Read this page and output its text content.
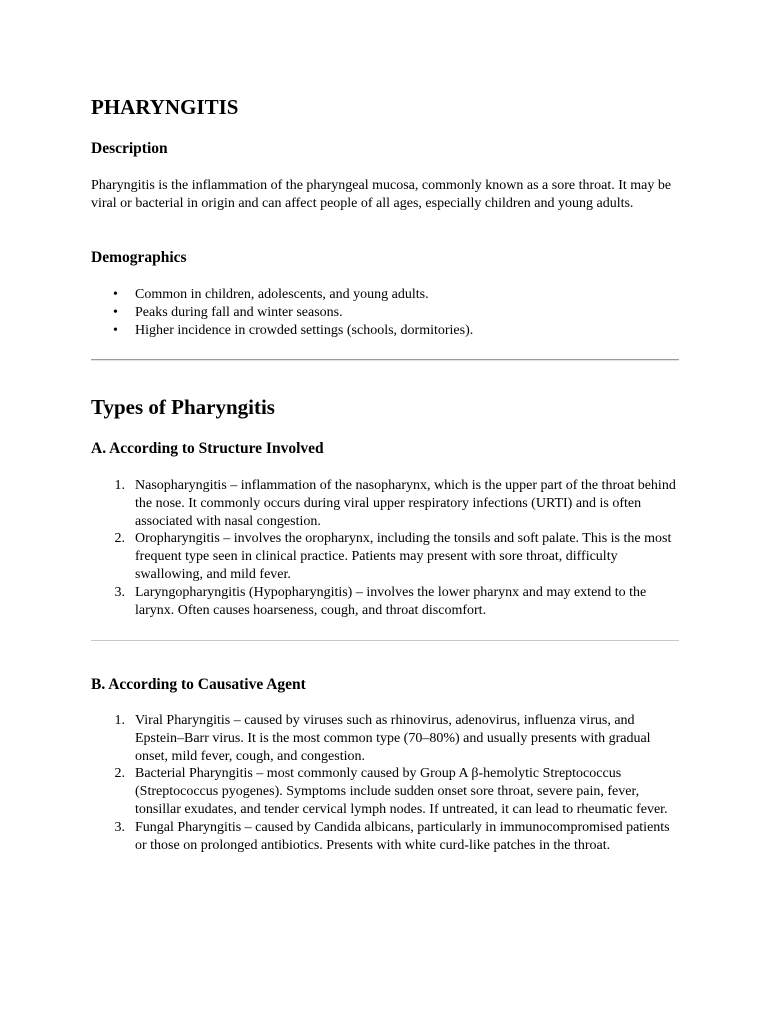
PHARYNGITIS
Description

Pharyngitis is the inflammation of the pharyngeal mucosa, commonly known as a sore throat. It may be viral or bacterial in origin and can affect people of all ages, especially children and young adults.

Demographics
• Common in children, adolescents, and young adults.
• Peaks during fall and winter seasons.
• Higher incidence in crowded settings (schools, dormitories).
Types of Pharyngitis
A. According to Structure Involved
1. Nasopharyngitis – inflammation of the nasopharynx, which is the upper part of the throat behind the nose. It commonly occurs during viral upper respiratory infections (URTI) and is often associated with nasal congestion.
2. Oropharyngitis – involves the oropharynx, including the tonsils and soft palate. This is the most frequent type seen in clinical practice. Patients may present with sore throat, difficulty swallowing, and mild fever.
3. Laryngopharyngitis (Hypopharyngitis) – involves the lower pharynx and may extend to the larynx. Often causes hoarseness, cough, and throat discomfort.
B. According to Causative Agent
1. Viral Pharyngitis – caused by viruses such as rhinovirus, adenovirus, influenza virus, and Epstein–Barr virus. It is the most common type (70–80%) and usually presents with gradual onset, mild fever, cough, and congestion.
2. Bacterial Pharyngitis – most commonly caused by Group A β-hemolytic Streptococcus (Streptococcus pyogenes). Symptoms include sudden onset sore throat, severe pain, fever, tonsillar exudates, and tender cervical lymph nodes. If untreated, it can lead to rheumatic fever.
3. Fungal Pharyngitis – caused by Candida albicans, particularly in immunocompromised patients or those on prolonged antibiotics. Presents with white curd-like patches in the throat.
